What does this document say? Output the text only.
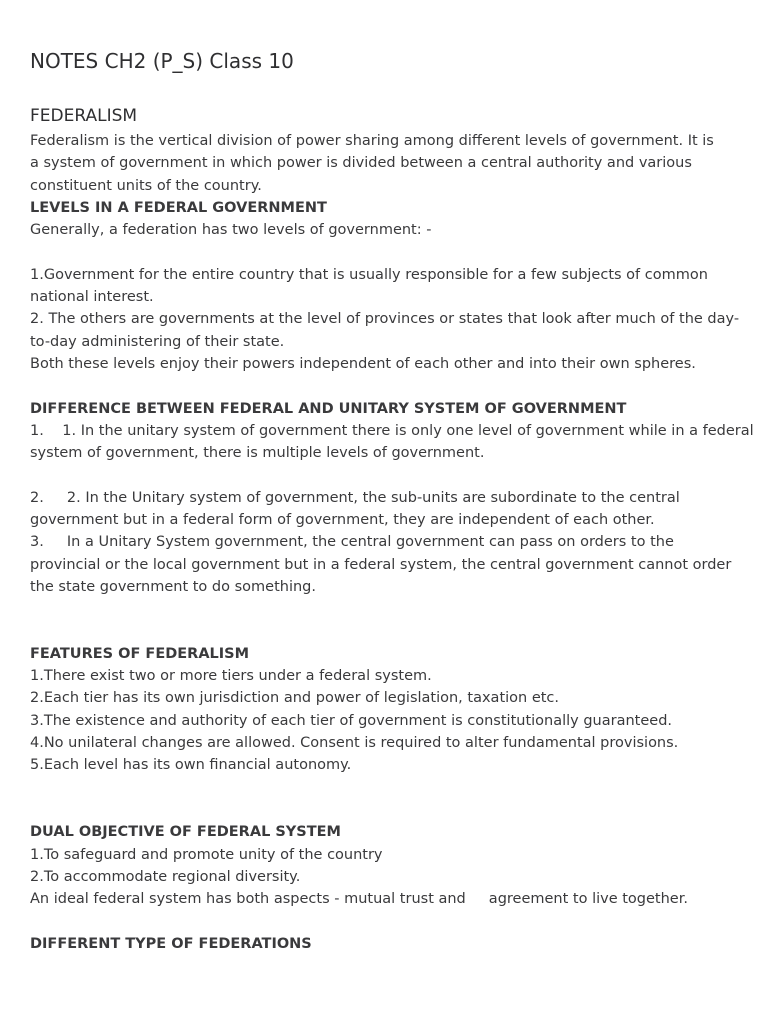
NOTES CH2 (P_S) Class 10
FEDERALISM
Federalism is the vertical division of power sharing among different levels of government. It is
a system of government in which power is divided between a central authority and various
constituent units of the country.
LEVELS IN A FEDERAL GOVERNMENT
Generally, a federation has two levels of government: -
1.Government for the entire country that is usually responsible for a few subjects of common
national interest.
2. The others are governments at the level of provinces or states that look after much of the day-
to-day administering of their state.
Both these levels enjoy their powers independent of each other and into their own spheres.
DIFFERENCE BETWEEN FEDERAL AND UNITARY SYSTEM OF GOVERNMENT
1.    1. In the unitary system of government there is only one level of government while in a federal
system of government, there is multiple levels of government.
2.     2. In the Unitary system of government, the sub-units are subordinate to the central
government but in a federal form of government, they are independent of each other.
3.     In a Unitary System government, the central government can pass on orders to the
provincial or the local government but in a federal system, the central government cannot order
the state government to do something.
FEATURES OF FEDERALISM
1.There exist two or more tiers under a federal system.
2.Each tier has its own jurisdiction and power of legislation, taxation etc.
3.The existence and authority of each tier of government is constitutionally guaranteed.
4.No unilateral changes are allowed. Consent is required to alter fundamental provisions.
5.Each level has its own financial autonomy.
DUAL OBJECTIVE OF FEDERAL SYSTEM
1.To safeguard and promote unity of the country
2.To accommodate regional diversity.
An ideal federal system has both aspects - mutual trust and     agreement to live together.
DIFFERENT TYPE OF FEDERATIONS
